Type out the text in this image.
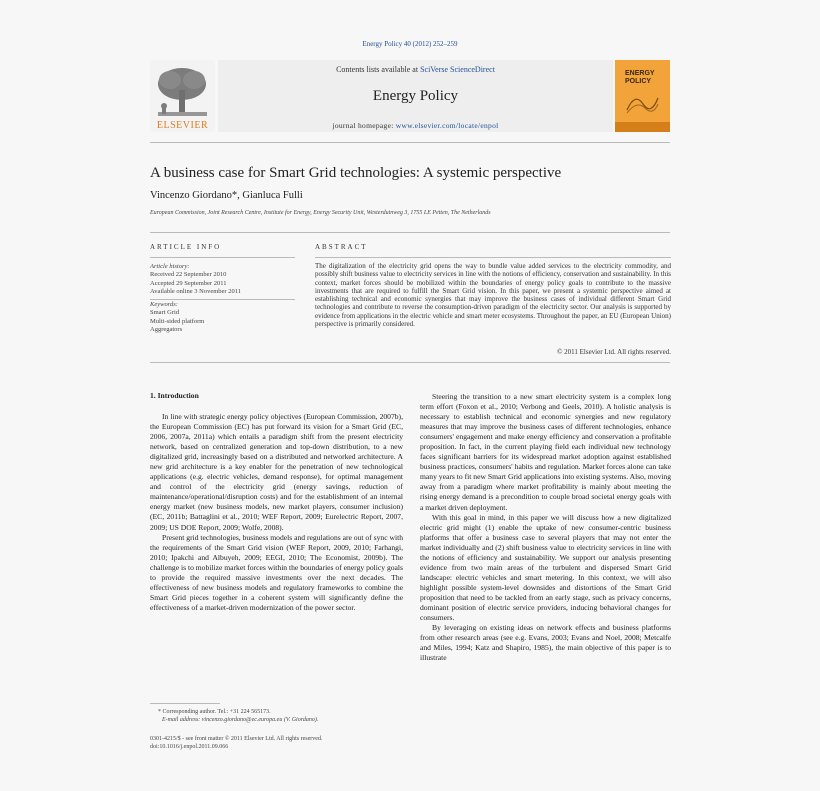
Energy Policy 40 (2012) 252–259
ELSEVIER
Contents lists available at SciVerse ScienceDirect
Energy Policy
journal homepage: www.elsevier.com/locate/enpol
ENERGY
POLICY
A business case for Smart Grid technologies: A systemic perspective
Vincenzo Giordano*, Gianluca Fulli
European Commission, Joint Research Centre, Institute for Energy, Energy Security Unit, Westerduinweg 3, 1755 LE Petten, The Netherlands
ARTICLE INFO
Article history:
Received 22 September 2010
Accepted 29 September 2011
Available online 3 November 2011
Keywords:
Smart Grid
Multi-sided platform
Aggregators
ABSTRACT
The digitalization of the electricity grid opens the way to bundle value added services to the electricity commodity, and possibly shift business value to electricity services in line with the notions of efficiency, conservation and sustainability. In this context, market forces should be mobilized within the boundaries of energy policy goals to contribute to the massive investments that are required to fulfill the Smart Grid vision. In this paper, we present a systemic perspective aimed at establishing technical and economic synergies that may improve the business cases of individual different Smart Grid technologies and contribute to reverse the consumption-driven paradigm of the electricity sector. Our analysis is supported by evidence from applications in the electric vehicle and smart meter ecosystems. Throughout the paper, an EU (European Union) perspective is primarily considered.
© 2011 Elsevier Ltd. All rights reserved.
1. Introduction

In line with strategic energy policy objectives (European Commission, 2007b), the European Commission (EC) has put forward its vision for a Smart Grid (EC, 2006, 2007a, 2011a) which entails a paradigm shift from the present electricity network, based on centralized generation and top-down distribution, to a new digitalized grid, increasingly based on a distributed and networked architecture. A new grid architecture is a key enabler for the penetration of new technological applications (e.g. electric vehicles, demand response), for optimal management and control of the electricity grid (energy savings, reduction of maintenance/operational/disruption costs) and for the establishment of an internal energy market (new business models, new market players, consumer inclusion) (EC, 2011b; Battaglini et al., 2010; WEF Report, 2009; Eurelectric Report, 2007, 2009; US DOE Report, 2009; Wolfe, 2008).

Present grid technologies, business models and regulations are out of sync with the requirements of the Smart Grid vision (WEF Report, 2009, 2010; Farhangi, 2010; Ipakchi and Albuyeh, 2009; EEGI, 2010; The Economist, 2009b). The challenge is to mobilize market forces within the boundaries of energy policy goals to provide the required massive investments over the next decades. The effectiveness of new business models and regulatory frameworks to combine the Smart Grid pieces together in a coherent system will significantly define the effectiveness of a market-driven modernization of the power sector.

* Corresponding author. Tel.: +31 224 565173.
E-mail address: vincenzo.giordano@ec.europa.eu (V. Giordano).
0301-4215/$ - see front matter © 2011 Elsevier Ltd. All rights reserved.
doi:10.1016/j.enpol.2011.09.066

Steering the transition to a new smart electricity system is a complex long term effort (Foxon et al., 2010; Verbong and Geels, 2010). A holistic analysis is necessary to establish technical and economic synergies and new regulatory measures that may improve the business cases of different technologies, enhance consumers' engagement and make energy efficiency and conservation a profitable proposition. In fact, in the current playing field each individual new technology faces significant barriers for its widespread market adoption against established business practices, consumers' habits and regulation. Market forces alone can take many years to fit new Smart Grid applications into existing systems. Also, moving away from a paradigm where market profitability is mainly about meeting the rising energy demand is a precondition to couple broad societal energy goals with a market driven deployment.

With this goal in mind, in this paper we will discuss how a new digitalized electric grid might (1) enable the uptake of new consumer-centric business platforms that offer a business case to several players that may not enter the market individually and (2) shift business value to electricity services in line with the notions of efficiency and sustainability. We support our analysis presenting evidence from two main areas of the turbulent and dispersed Smart Grid landscape: electric vehicles and smart metering. In this context, we will also highlight possible system-level downsides and distortions of the Smart Grid proposition that need to be tackled from an early stage, such as privacy concerns, dominant position of electric service providers, inducing behavioral changes for consumers.

By leveraging on existing ideas on network effects and business platforms from other research areas (see e.g. Evans, 2003; Evans and Noel, 2008; Metcalfe and Miles, 1994; Katz and Shapiro, 1985), the main objective of this paper is to illustrate
